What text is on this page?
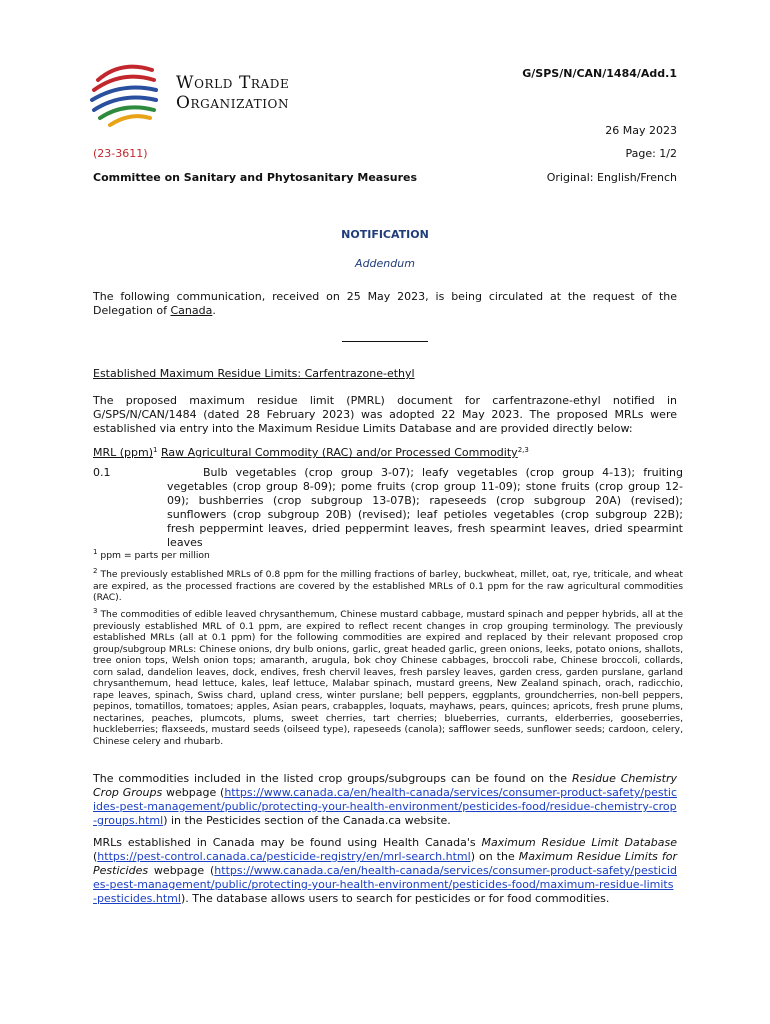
World Trade
Organization
G/SPS/N/CAN/1484/Add.1
26 May 2023
(23-3611)	Page: 1/2
Committee on Sanitary and Phytosanitary Measures	Original: English/French
NOTIFICATION
Addendum
The following communication, received on 25 May 2023, is being circulated at the request of the Delegation of Canada.
Established Maximum Residue Limits: Carfentrazone-ethyl
The proposed maximum residue limit (PMRL) document for carfentrazone-ethyl notified in G/SPS/N/CAN/1484 (dated 28 February 2023) was adopted 22 May 2023. The proposed MRLs were established via entry into the Maximum Residue Limits Database and are provided directly below:
MRL (ppm)$^1$ Raw Agricultural Commodity (RAC) and/or Processed Commodity$^{2,3}$
0.1	Bulb vegetables (crop group 3-07); leafy vegetables (crop group 4-13); fruiting vegetables (crop group 8-09); pome fruits (crop group 11-09); stone fruits (crop group 12-09); bushberries (crop subgroup 13-07B); rapeseeds (crop subgroup 20A) (revised); sunflowers (crop subgroup 20B) (revised); leaf petioles vegetables (crop subgroup 22B); fresh peppermint leaves, dried peppermint leaves, fresh spearmint leaves, dried spearmint leaves
$^1$ ppm = parts per million
$^2$ The previously established MRLs of 0.8 ppm for the milling fractions of barley, buckwheat, millet, oat, rye, triticale, and wheat are expired, as the processed fractions are covered by the established MRLs of 0.1 ppm for the raw agricultural commodities (RAC).
$^3$ The commodities of edible leaved chrysanthemum, Chinese mustard cabbage, mustard spinach and pepper hybrids, all at the previously established MRL of 0.1 ppm, are expired to reflect recent changes in crop grouping terminology. The previously established MRLs (all at 0.1 ppm) for the following commodities are expired and replaced by their relevant proposed crop group/subgroup MRLs: Chinese onions, dry bulb onions, garlic, great headed garlic, green onions, leeks, potato onions, shallots, tree onion tops, Welsh onion tops; amaranth, arugula, bok choy Chinese cabbages, broccoli rabe, Chinese broccoli, collards, corn salad, dandelion leaves, dock, endives, fresh chervil leaves, fresh parsley leaves, garden cress, garden purslane, garland chrysanthemum, head lettuce, kales, leaf lettuce, Malabar spinach, mustard greens, New Zealand spinach, orach, radicchio, rape leaves, spinach, Swiss chard, upland cress, winter purslane; bell peppers, eggplants, groundcherries, non-bell peppers, pepinos, tomatillos, tomatoes; apples, Asian pears, crabapples, loquats, mayhaws, pears, quinces; apricots, fresh prune plums, nectarines, peaches, plumcots, plums, sweet cherries, tart cherries; blueberries, currants, elderberries, gooseberries, huckleberries; flaxseeds, mustard seeds (oilseed type), rapeseeds (canola); safflower seeds, sunflower seeds; cardoon, celery, Chinese celery and rhubarb.
The commodities included in the listed crop groups/subgroups can be found on the Residue Chemistry Crop Groups webpage (https://www.canada.ca/en/health-canada/services/consumer-product-safety/pesticides-pest-management/public/protecting-your-health-environment/pesticides-food/residue-chemistry-crop-groups.html) in the Pesticides section of the Canada.ca website.
MRLs established in Canada may be found using Health Canada's Maximum Residue Limit Database (https://pest-control.canada.ca/pesticide-registry/en/mrl-search.html) on the Maximum Residue Limits for Pesticides webpage (https://www.canada.ca/en/health-canada/services/consumer-product-safety/pesticides-pest-management/public/protecting-your-health-environment/pesticides-food/maximum-residue-limits-pesticides.html). The database allows users to search for pesticides or for food commodities.
